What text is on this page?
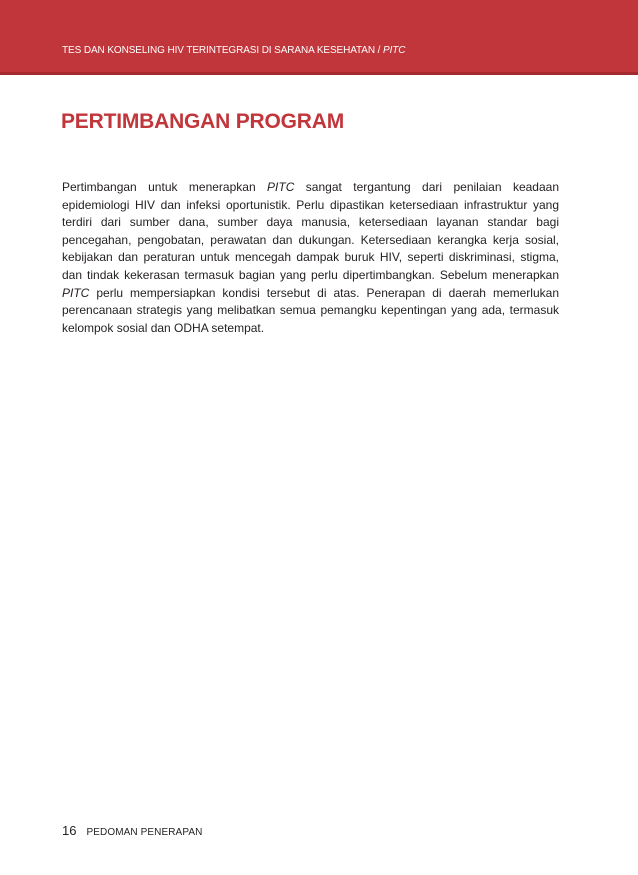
TES DAN KONSELING HIV TERINTEGRASI DI SARANA KESEHATAN / PITC
PERTIMBANGAN PROGRAM

Pertimbangan untuk menerapkan PITC sangat tergantung dari penilaian keadaan epidemiologi HIV dan infeksi oportunistik. Perlu dipastikan ketersediaan infrastruktur yang terdiri dari sumber dana, sumber daya manusia, ketersediaan layanan standar bagi pencegahan, pengobatan, perawatan dan dukungan. Ketersediaan kerangka kerja sosial, kebijakan dan peraturan untuk mencegah dampak buruk HIV, seperti diskriminasi, stigma, dan tindak kekerasan termasuk bagian yang perlu dipertimbangkan. Sebelum menerapkan PITC perlu mempersiapkan kondisi tersebut di atas. Penerapan di daerah memerlukan perencanaan strategis yang melibatkan semua pemangku kepentingan yang ada, termasuk kelompok sosial dan ODHA setempat.

16 PEDOMAN PENERAPAN
